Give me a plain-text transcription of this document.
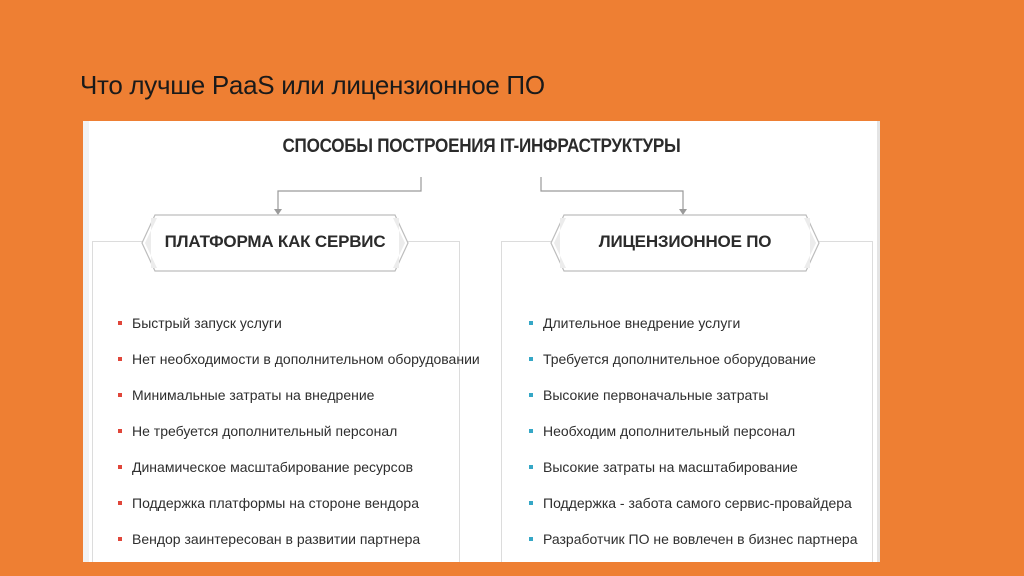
Что лучше PaaS или лицензионное ПО
СПОСОБЫ ПОСТРОЕНИЯ IT-ИНФРАСТРУКТУРЫ
ПЛАТФОРМА КАК СЕРВИС	ЛИЦЕНЗИОННОЕ ПО
Быстрый запуск услуги
Нет необходимости в дополнительном оборудовании
Минимальные затраты на внедрение
Не требуется дополнительный персонал
Динамическое масштабирование ресурсов
Поддержка платформы на стороне вендора
Вендор заинтересован в развитии партнера
Длительное внедрение услуги
Требуется дополнительное оборудование
Высокие первоначальные затраты
Необходим дополнительный персонал
Высокие затраты на масштабирование
Поддержка - забота самого сервис-провайдера
Разработчик ПО не вовлечен в бизнес партнера
